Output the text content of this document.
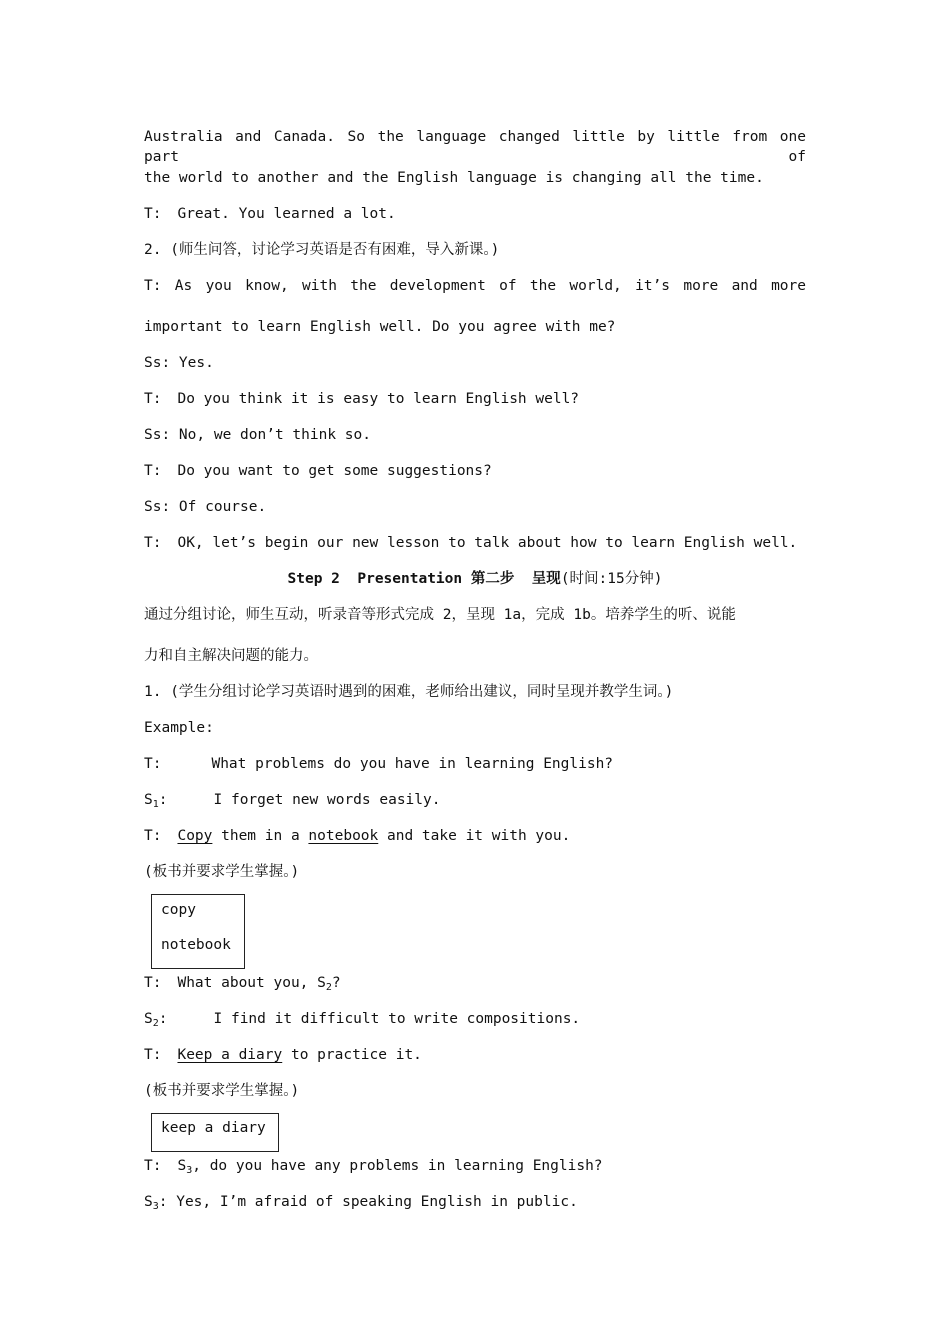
Australia and Canada. So the language changed little by little from one part of
the world to another and the English language is changing all the time.
T: Great. You learned a lot.
2. (师生问答，讨论学习英语是否有困难，导入新课。)
T: As you know, with the development of the world, it’s more and more
important to learn English well. Do you agree with me?
Ss: Yes.
T: Do you think it is easy to learn English well?
Ss: No, we don’t think so.
T: Do you want to get some suggestions?
Ss: Of course.
T: OK, let’s begin our new lesson to talk about how to learn English well.
Step 2  Presentation 第二步  呈现(时间:15分钟)
通过分组讨论，师生互动，听录音等形式完成 2，呈现 1a，完成 1b。培养学生的听、说能
力和自主解决问题的能力。
1. (学生分组讨论学习英语时遇到的困难，老师给出建议，同时呈现并教学生词。)
Example:
T:	What problems do you have in learning English?
$S_1$:	I forget new words easily.
T: Copy them in a notebook and take it with you.
(板书并要求学生掌握。)
copy
notebook
T: What about you, $S_2$?
$S_2$:	I find it difficult to write compositions.
T: Keep a diary to practice it.
(板书并要求学生掌握。)
keep a diary
T: $S_3$, do you have any problems in learning English?
$S_3$: Yes, I’m afraid of speaking English in public.
